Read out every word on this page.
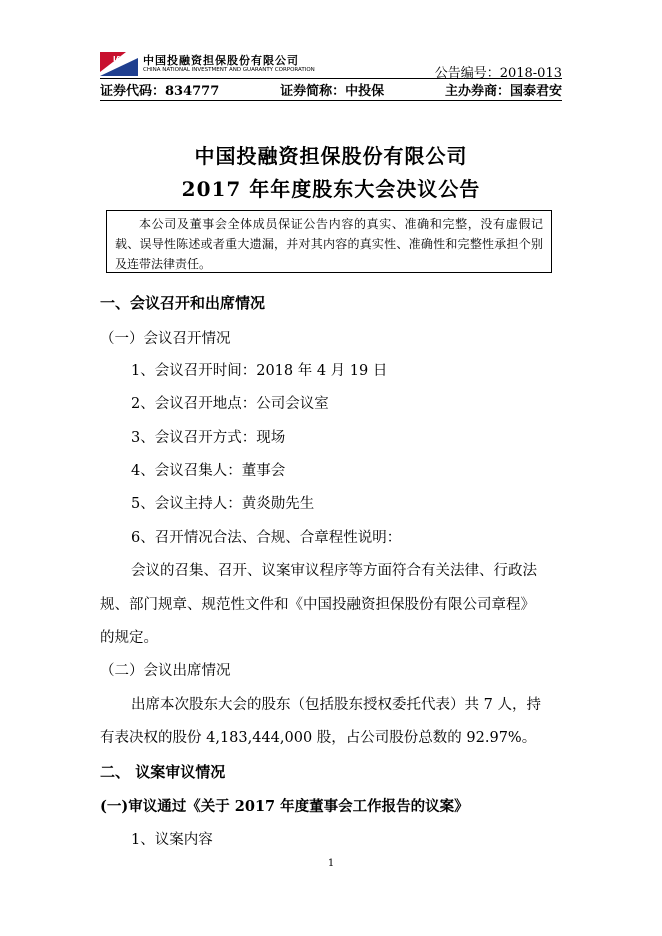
I&G 中国投融资担保股份有限公司
CHINA NATIONAL INVESTMENT AND GUARANTY CORPORATION	公告编号：2018-013
证券代码：834777	证券简称：中投保	主办券商：国泰君安
中国投融资担保股份有限公司
2017 年年度股东大会决议公告
本公司及董事会全体成员保证公告内容的真实、准确和完整，没有虚假记载、误导性陈述或者重大遗漏，并对其内容的真实性、准确性和完整性承担个别及连带法律责任。
一、会议召开和出席情况
（一）会议召开情况
1、会议召开时间：2018 年 4 月 19 日
2、会议召开地点：公司会议室
3、会议召开方式：现场
4、会议召集人：董事会
5、会议主持人：黄炎勋先生
6、召开情况合法、合规、合章程性说明：
会议的召集、召开、议案审议程序等方面符合有关法律、行政法
规、部门规章、规范性文件和《中国投融资担保股份有限公司章程》
的规定。
（二）会议出席情况
出席本次股东大会的股东（包括股东授权委托代表）共 7 人，持
有表决权的股份 4,183,444,000 股，占公司股份总数的 92.97%。
二、 议案审议情况
(一)审议通过《关于 2017 年度董事会工作报告的议案》
1、议案内容
1
